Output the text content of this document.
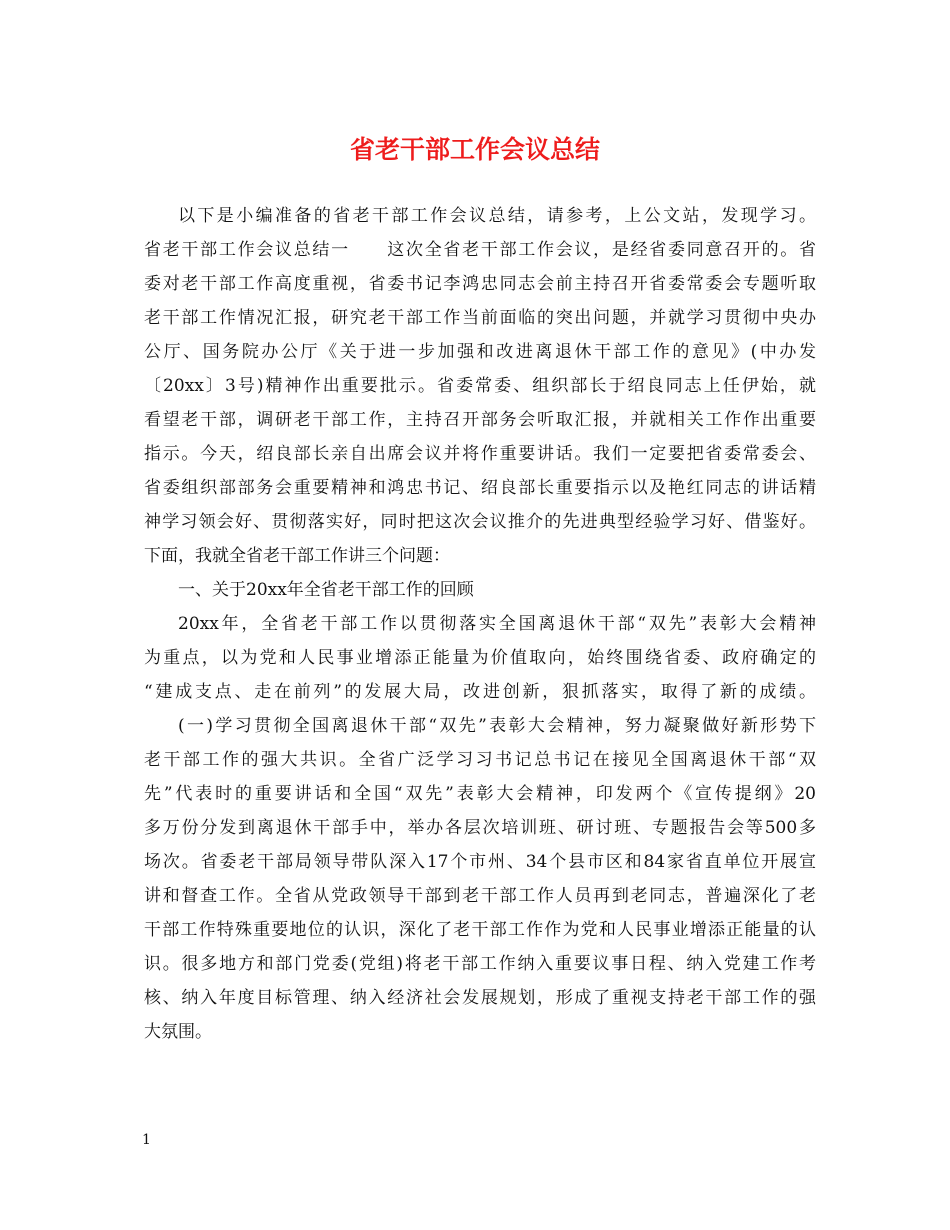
省老干部工作会议总结
以下是小编准备的省老干部工作会议总结，请参考，上公文站，发现学习。
省老干部工作会议总结一　　这次全省老干部工作会议，是经省委同意召开的。省
委对老干部工作高度重视，省委书记李鸿忠同志会前主持召开省委常委会专题听取
老干部工作情况汇报，研究老干部工作当前面临的突出问题，并就学习贯彻中央办
公厅、国务院办公厅《关于进一步加强和改进离退休干部工作的意见》(中办发
〔20xx〕3号)精神作出重要批示。省委常委、组织部长于绍良同志上任伊始，就
看望老干部，调研老干部工作，主持召开部务会听取汇报，并就相关工作作出重要
指示。今天，绍良部长亲自出席会议并将作重要讲话。我们一定要把省委常委会、
省委组织部部务会重要精神和鸿忠书记、绍良部长重要指示以及艳红同志的讲话精
神学习领会好、贯彻落实好，同时把这次会议推介的先进典型经验学习好、借鉴好。
下面，我就全省老干部工作讲三个问题：
一、关于20xx年全省老干部工作的回顾
20xx年，全省老干部工作以贯彻落实全国离退休干部“双先”表彰大会精神
为重点，以为党和人民事业增添正能量为价值取向，始终围绕省委、政府确定的
“建成支点、走在前列”的发展大局，改进创新，狠抓落实，取得了新的成绩。
(一)学习贯彻全国离退休干部“双先”表彰大会精神，努力凝聚做好新形势下
老干部工作的强大共识。全省广泛学习习书记总书记在接见全国离退休干部“双
先”代表时的重要讲话和全国“双先”表彰大会精神，印发两个《宣传提纲》20
多万份分发到离退休干部手中，举办各层次培训班、研讨班、专题报告会等500多
场次。省委老干部局领导带队深入17个市州、34个县市区和84家省直单位开展宣
讲和督查工作。全省从党政领导干部到老干部工作人员再到老同志，普遍深化了老
干部工作特殊重要地位的认识，深化了老干部工作作为党和人民事业增添正能量的认
识。很多地方和部门党委(党组)将老干部工作纳入重要议事日程、纳入党建工作考
核、纳入年度目标管理、纳入经济社会发展规划，形成了重视支持老干部工作的强
大氛围。
1
